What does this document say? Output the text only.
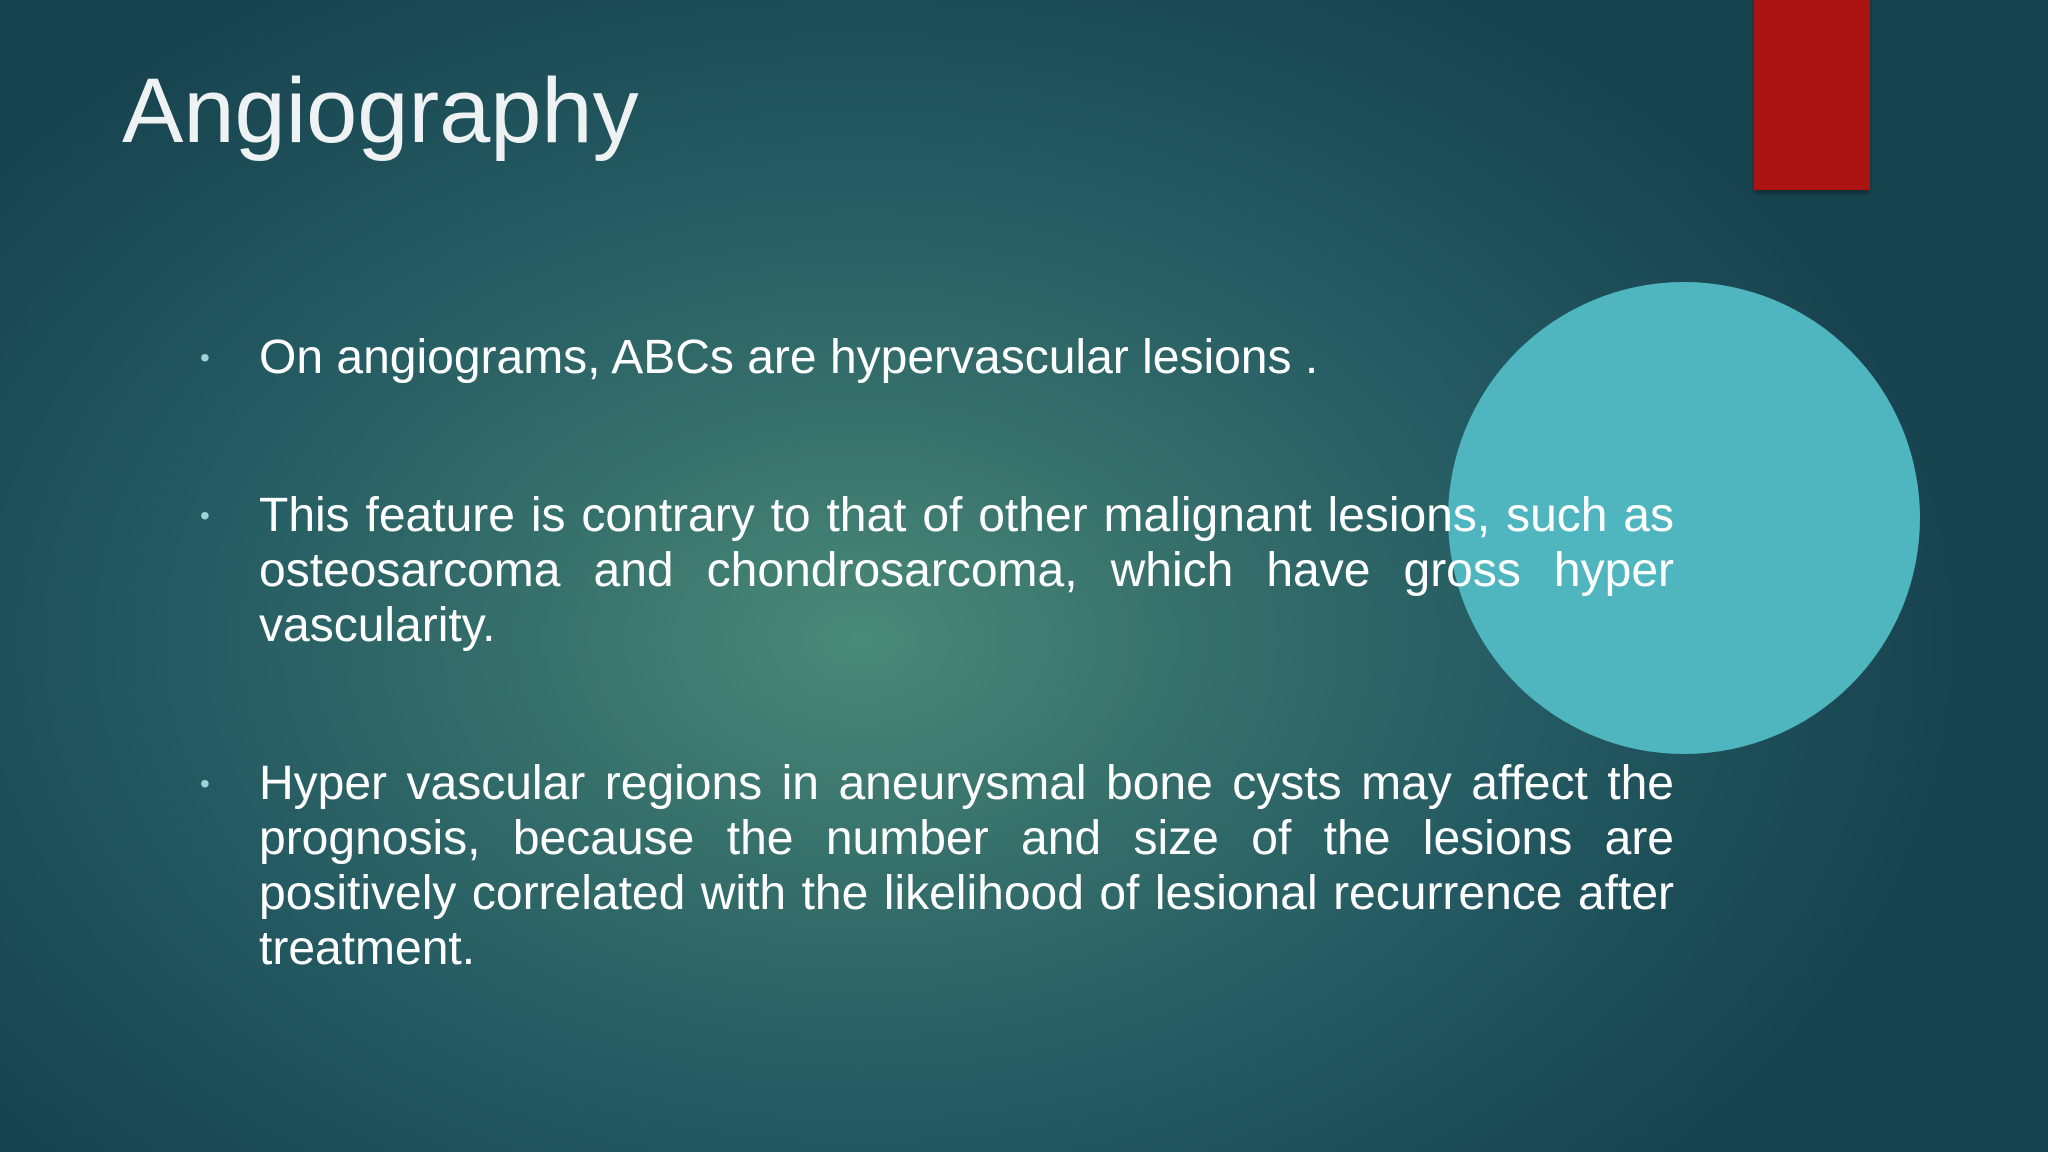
Angiography
• On angiograms, ABCs are hypervascular lesions .
• This feature is contrary to that of other malignant lesions, such as osteosarcoma and chondrosarcoma, which have gross hyper vascularity.
• Hyper vascular regions in aneurysmal bone cysts may affect the prognosis, because the number and size of the lesions are positively correlated with the likelihood of lesional recurrence after treatment.
